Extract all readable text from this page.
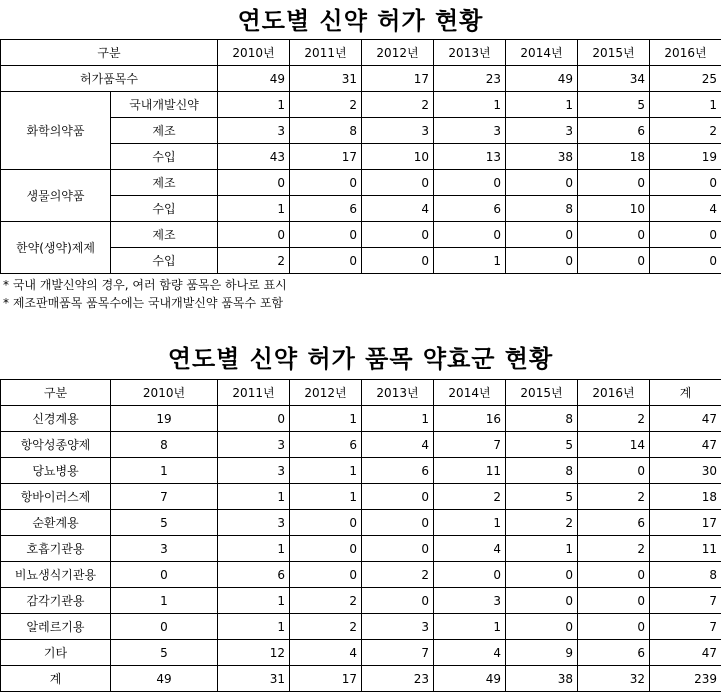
연도별 신약 허가 현황
구분		2010년	2011년	2012년	2013년	2014년	2015년	2016년
허가품목수		49	31	17	23	49	34	25
화학의약품	국내개발신약	1	2	2	1	1	5	1
	제조	3	8	3	3	3	6	2
	수입	43	17	10	13	38	18	19
생물의약품	제조	0	0	0	0	0	0	0
	수입	1	6	4	6	8	10	4
한약(생약)제제	제조	0	0	0	0	0	0	0
	수입	2	0	0	1	0	0	0
* 국내 개발신약의 경우, 여러 함량 품목은 하나로 표시
* 제조판매품목 품목수에는 국내개발신약 품목수 포함
연도별 신약 허가 품목 약효군 현황
구분	2010년	2011년	2012년	2013년	2014년	2015년	2016년	계
신경계용	19	0	1	1	16	8	2	47
항악성종양제	8	3	6	4	7	5	14	47
당뇨병용	1	3	1	6	11	8	0	30
항바이러스제	7	1	1	0	2	5	2	18
순환계용	5	3	0	0	1	2	6	17
호흡기관용	3	1	0	0	4	1	2	11
비뇨생식기관용	0	6	0	2	0	0	0	8
감각기관용	1	1	2	0	3	0	0	7
알레르기용	0	1	2	3	1	0	0	7
기타	5	12	4	7	4	9	6	47
계	49	31	17	23	49	38	32	239
